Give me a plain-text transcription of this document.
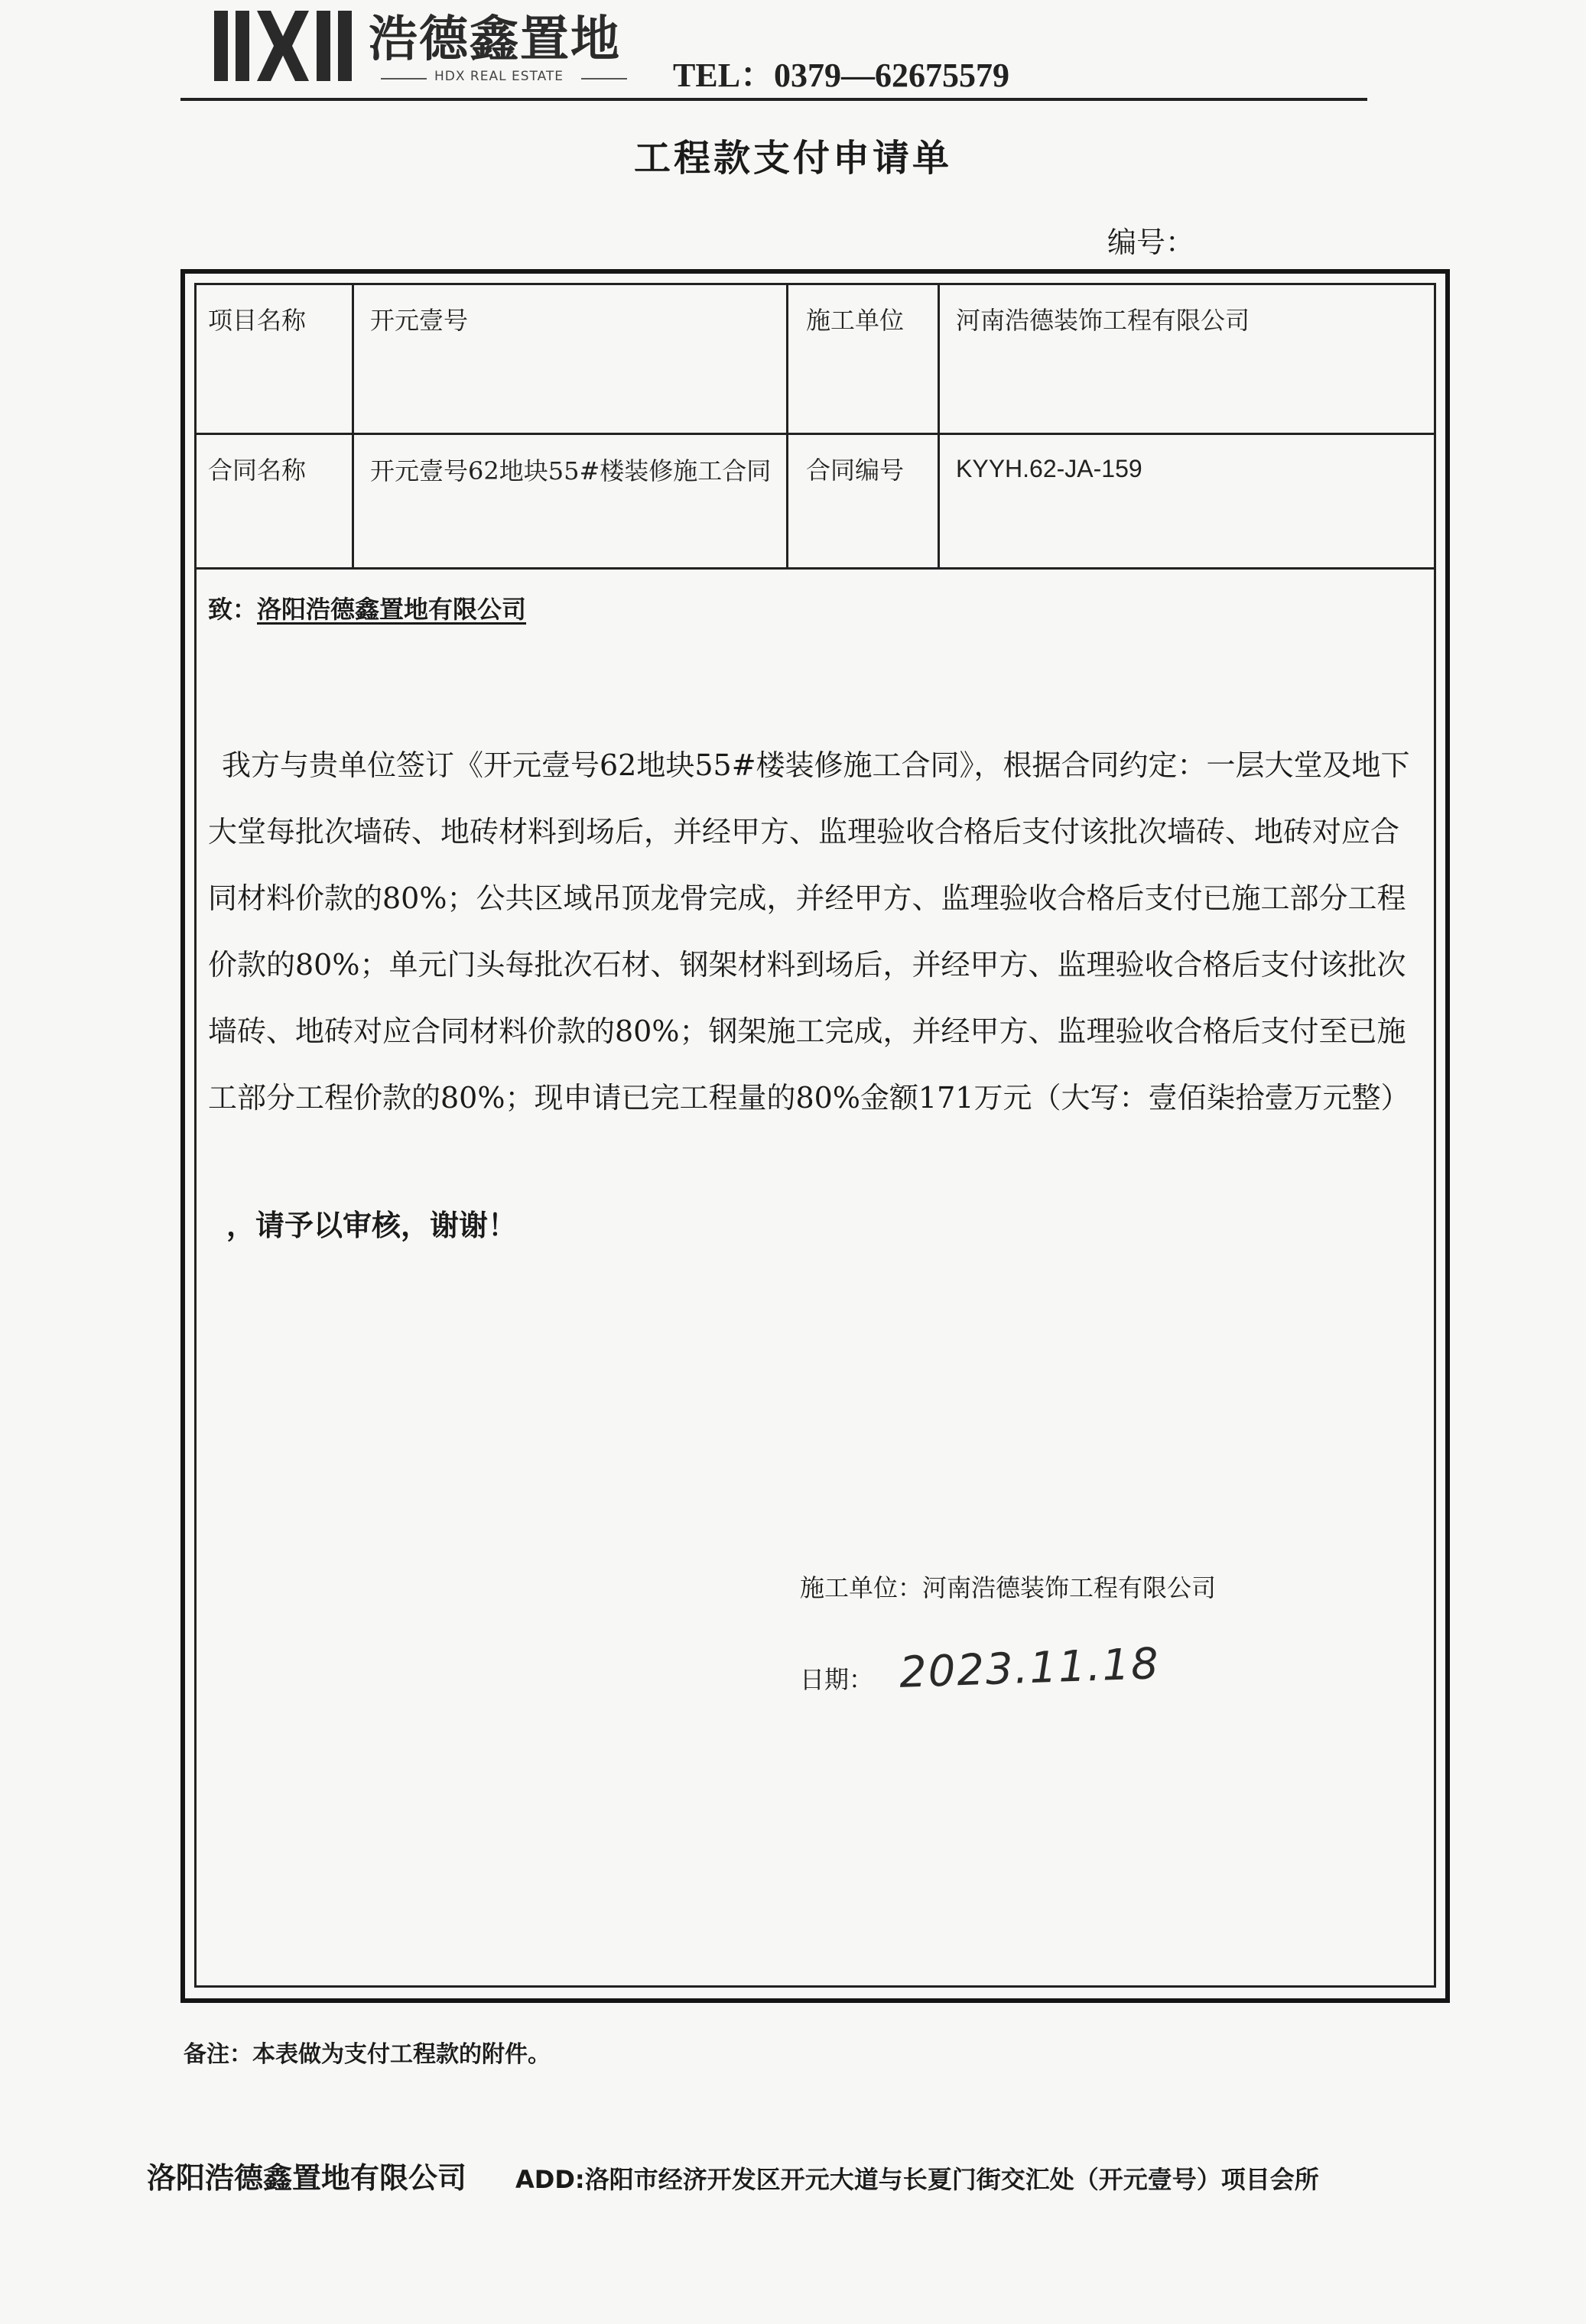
浩德鑫置地
HDX REAL ESTATE	TEL：0379—62675579
工程款支付申请单
编号：
项目名称	开元壹号	施工单位 河南浩德装饰工程有限公司
合同名称	开元壹号62地块55#楼装修施工合同	合同编号 KYYH.62-JA-159
致：洛阳浩德鑫置地有限公司
我方与贵单位签订《开元壹号62地块55#楼装修施工合同》，根据合同约定：一层大堂及地下大堂每批次墙砖、地砖材料到场后，并经甲方、监理验收合格后支付该批次墙砖、地砖对应合同材料价款的80%；公共区域吊顶龙骨完成，并经甲方、监理验收合格后支付已施工部分工程价款的80%；单元门头每批次石材、钢架材料到场后，并经甲方、监理验收合格后支付该批次墙砖、地砖对应合同材料价款的80%；钢架施工完成，并经甲方、监理验收合格后支付至已施工部分工程价款的80%；现申请已完工程量的80%金额171万元（大写：壹佰柒拾壹万元整）
，请予以审核，谢谢！
施工单位：河南浩德装饰工程有限公司
日期： 2023.11.18
备注：本表做为支付工程款的附件。
洛阳浩德鑫置地有限公司 ADD:洛阳市经济开发区开元大道与长夏门街交汇处（开元壹号）项目会所
